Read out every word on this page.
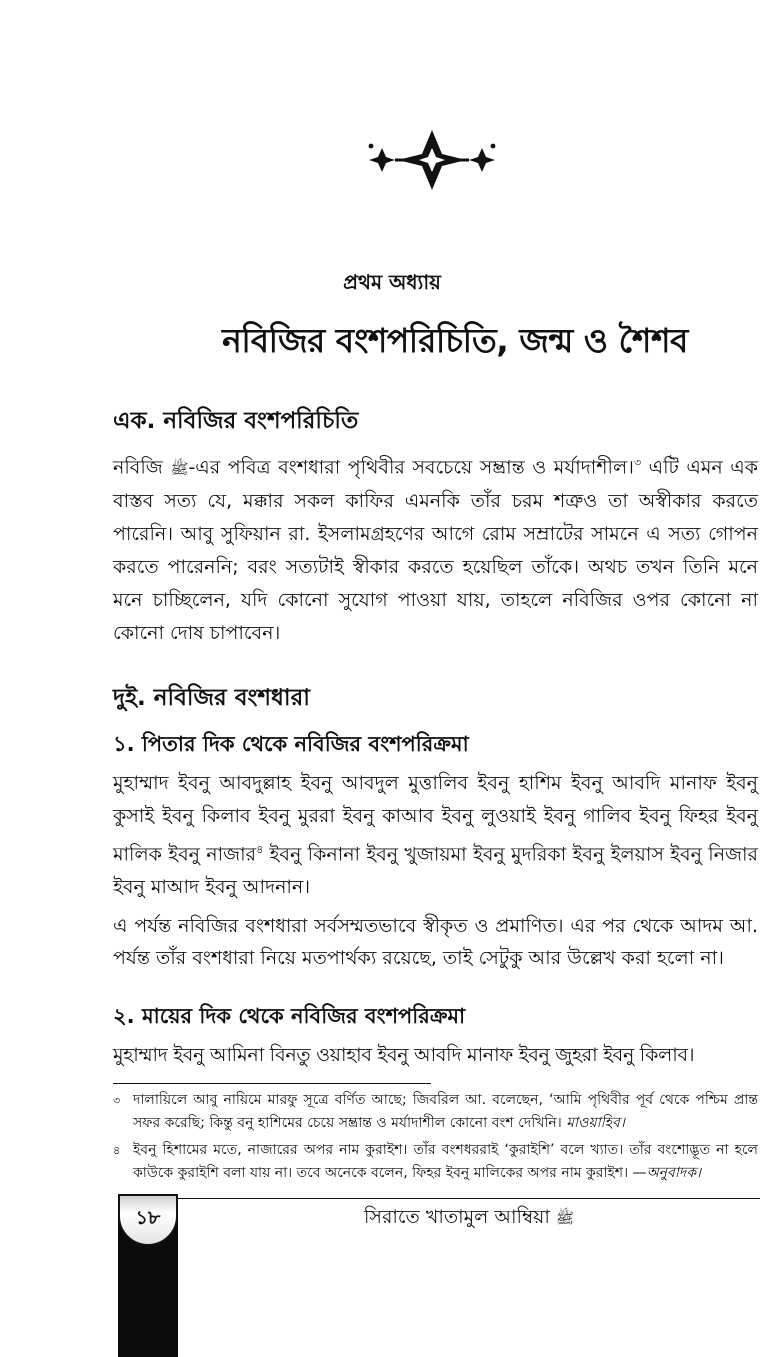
প্রথম অধ্যায়
নবিজির বংশপরিচিতি, জন্ম ও শৈশব
এক. নবিজির বংশপরিচিতি

নবিজি ﷺ-এর পবিত্র বংশধারা পৃথিবীর সবচেয়ে সম্ভ্রান্ত ও মর্যাদাশীল।$^৩$ এটি এমন এক বাস্তব সত্য যে, মক্কার সকল কাফির এমনকি তাঁর চরম শত্রুও তা অস্বীকার করতে পারেনি। আবু সুফিয়ান রা. ইসলামগ্রহণের আগে রোম সম্রাটের সামনে এ সত্য গোপন করতে পারেননি; বরং সত্যটাই স্বীকার করতে হয়েছিল তাঁকে। অথচ তখন তিনি মনে মনে চাচ্ছিলেন, যদি কোনো সুযোগ পাওয়া যায়, তাহলে নবিজির ওপর কোনো না কোনো দোষ চাপাবেন।

দুই. নবিজির বংশধারা
১. পিতার দিক থেকে নবিজির বংশপরিক্রমা

মুহাম্মাদ ইবনু আবদুল্লাহ ইবনু আবদুল মুত্তালিব ইবনু হাশিম ইবনু আবদি মানাফ ইবনু কুসাই ইবনু কিলাব ইবনু মুররা ইবনু কাআব ইবনু লুওয়াই ইবনু গালিব ইবনু ফিহর ইবনু মালিক ইবনু নাজার$^৪$ ইবনু কিনানা ইবনু খুজায়মা ইবনু মুদরিকা ইবনু ইলয়াস ইবনু নিজার ইবনু মাআদ ইবনু আদনান।

এ পর্যন্ত নবিজির বংশধারা সর্বসম্মতভাবে স্বীকৃত ও প্রমাণিত। এর পর থেকে আদম আ. পর্যন্ত তাঁর বংশধারা নিয়ে মতপার্থক্য রয়েছে, তাই সেটুকু আর উল্লেখ করা হলো না।

২. মায়ের দিক থেকে নবিজির বংশপরিক্রমা

মুহাম্মাদ ইবনু আমিনা বিনতু ওয়াহাব ইবনু আবদি মানাফ ইবনু জুহরা ইবনু কিলাব।

৩ দালায়িলে আবু নায়িমে মারফু সূত্রে বর্ণিত আছে; জিবরিল আ. বলেছেন, ‘আমি পৃথিবীর পূর্ব থেকে পশ্চিম প্রান্ত সফর করেছি; কিন্তু বনু হাশিমের চেয়ে সম্ভ্রান্ত ও মর্যাদাশীল কোনো বংশ দেখিনি। মাওয়াহিব।
৪ ইবনু হিশামের মতে, নাজারের অপর নাম কুরাইশ। তাঁর বংশধররাই ‘কুরাইশি’ বলে খ্যাত। তাঁর বংশোদ্ভূত না হলে কাউকে কুরাইশি বলা যায় না। তবে অনেকে বলেন, ফিহর ইবনু মালিকের অপর নাম কুরাইশ। —অনুবাদক।
১৮	সিরাতে খাতামুল আম্বিয়া ﷺ
